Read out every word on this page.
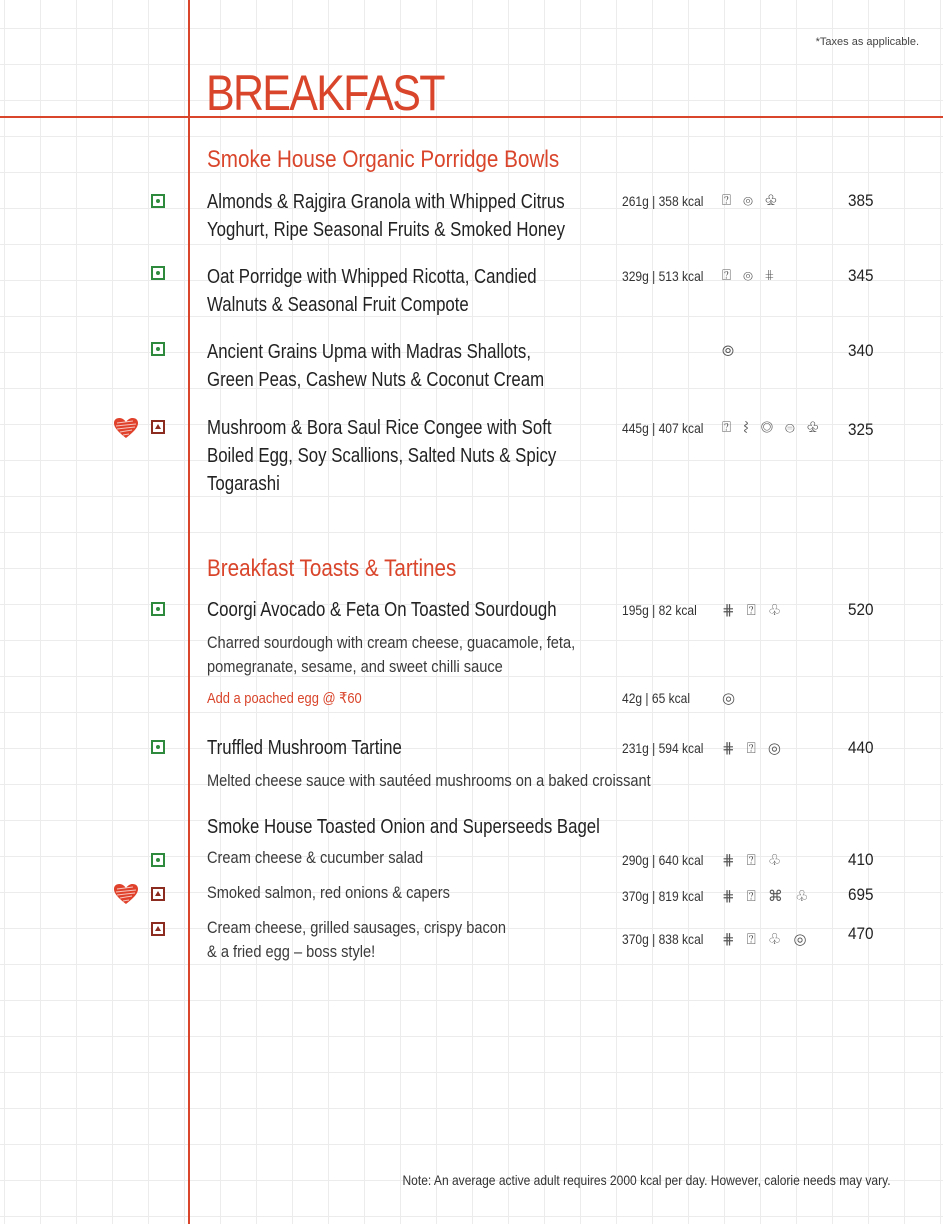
*Taxes as applicable.
BREAKFAST
Smoke House Organic Porridge Bowls
Almonds & Rajgira Granola with Whipped Citrus
Yoghurt, Ripe Seasonal Fruits & Smoked Honey
261g | 358 kcal ⍰ ⦾ ♧	385
Oat Porridge with Whipped Ricotta, Candied
Walnuts & Seasonal Fruit Compote
329g | 513 kcal ⍰ ⦾ ⋕	345
Ancient Grains Upma with Madras Shallots,
Green Peas, Cashew Nuts & Coconut Cream
⦾	340
Mushroom & Bora Saul Rice Congee with Soft
Boiled Egg, Soy Scallions, Salted Nuts & Spicy
Togarashi
445g | 407 kcal ⍰ ⌇ ◎ ⊜ ♧ 325
Breakfast Toasts & Tartines
Coorgi Avocado & Feta On Toasted Sourdough
Charred sourdough with cream cheese, guacamole, feta,
pomegranate, sesame, and sweet chilli sauce
195g | 82 kcal ⋕ ⍰ ♧	520
Add a poached egg @ ₹60	42g | 65 kcal ◎
Truffled Mushroom Tartine
Melted cheese sauce with sautéed mushrooms on a baked croissant
231g | 594 kcal ⋕ ⍰ ◎	440
Smoke House Toasted Onion and Superseeds Bagel
Cream cheese & cucumber salad	290g | 640 kcal ⋕ ⍰ ♧	410
Smoked salmon, red onions & capers	370g | 819 kcal ⋕ ⍰ ⌘ ♧ 695
Cream cheese, grilled sausages, crispy bacon
& a fried egg – boss style!
370g | 838 kcal ⋕ ⍰ ♧ ◎ 470
Note: An average active adult requires 2000 kcal per day. However, calorie needs may vary.
